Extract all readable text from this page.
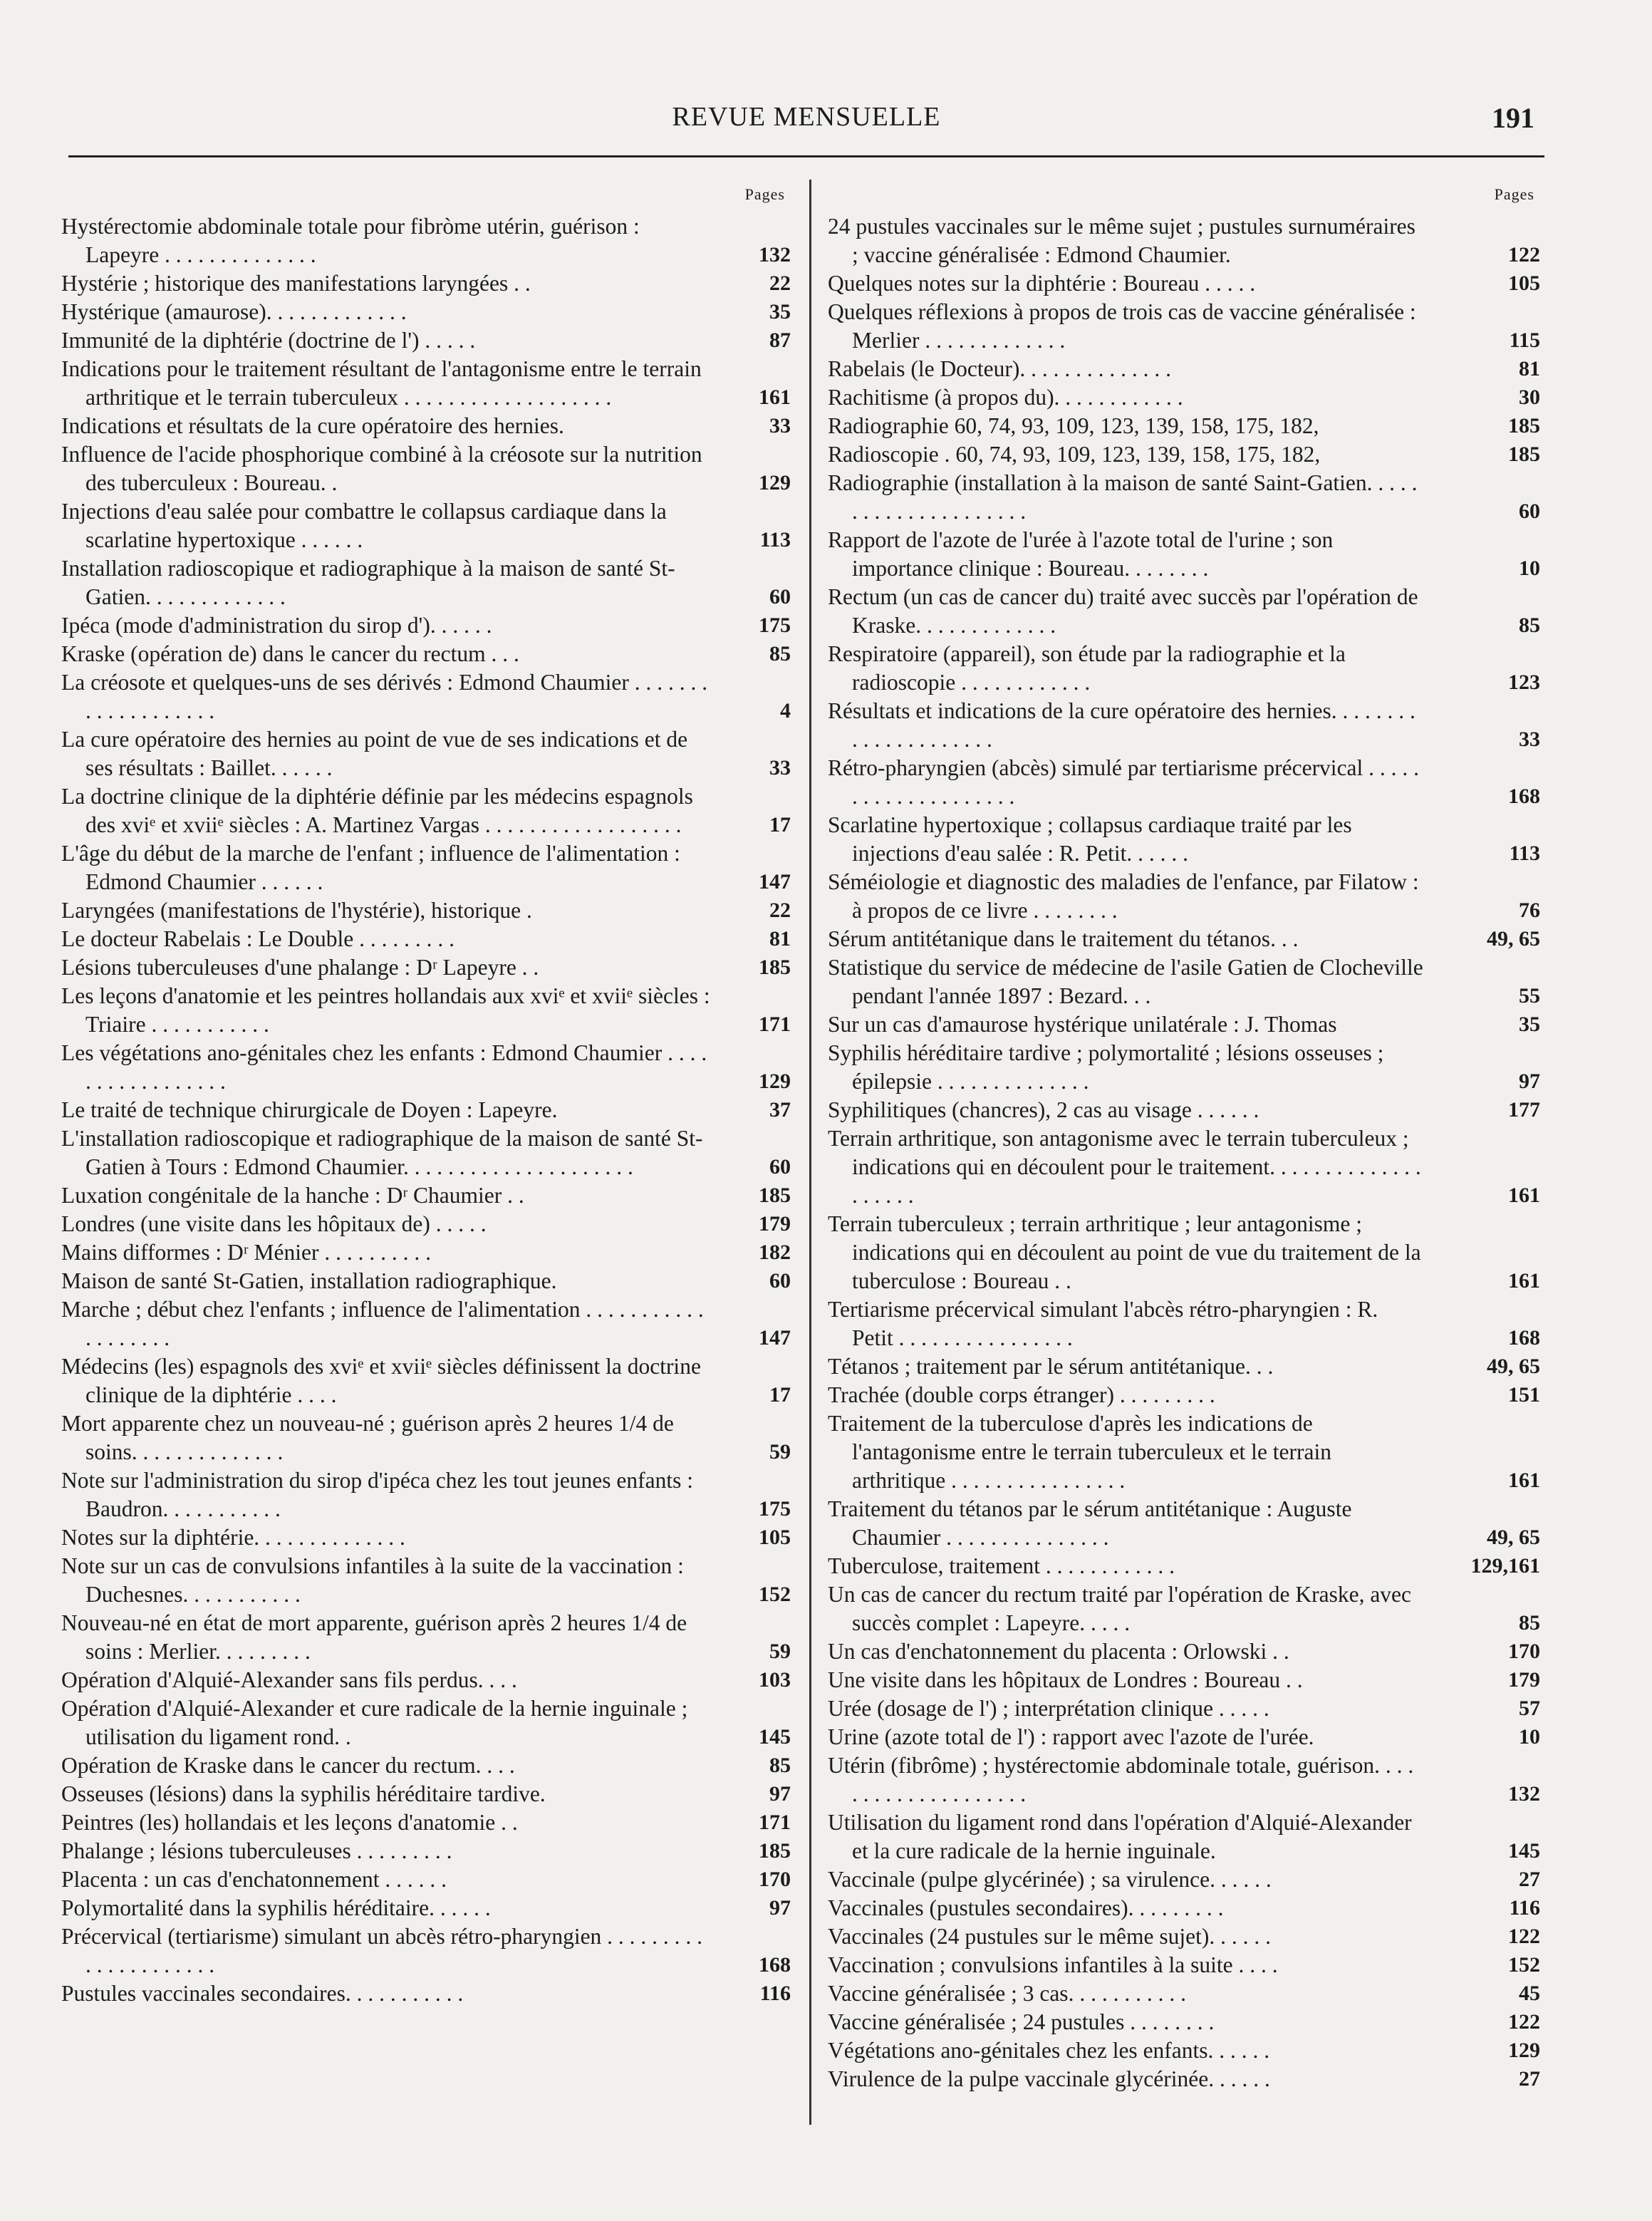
REVUE MENSUELLE	191
Pages
Hystérectomie abdominale totale pour fibròme utérin, guérison : Lapeyre . . . . . . . . . . . . . .	132
Hystérie ; historique des manifestations laryngées . .	22
Hystérique (amaurose). . . . . . . . . . . . .	35
Immunité de la diphtérie (doctrine de l') . . . . .	87
Indications pour le traitement résultant de l'antagonisme entre le terrain arthritique et le terrain tuberculeux . . . . . . . . . . . . . . . . . . .	161
Indications et résultats de la cure opératoire des hernies.	33
Influence de l'acide phosphorique combiné à la créosote sur la nutrition des tuberculeux : Boureau. .	129
Injections d'eau salée pour combattre le collapsus cardiaque dans la scarlatine hypertoxique . . . . . .	113
Installation radioscopique et radiographique à la maison de santé St-Gatien. . . . . . . . . . . . .	60
Ipéca (mode d'administration du sirop d'). . . . . .	175
Kraske (opération de) dans le cancer du rectum . . .	85
La créosote et quelques-uns de ses dérivés : Edmond Chaumier . . . . . . . . . . . . . . . . . . .	4
La cure opératoire des hernies au point de vue de ses indications et de ses résultats : Baillet. . . . . .	33
La doctrine clinique de la diphtérie définie par les médecins espagnols des xviᵉ et xviiᵉ siècles : A. Martinez Vargas . . . . . . . . . . . . . . . . . .	17
L'âge du début de la marche de l'enfant ; influence de l'alimentation : Edmond Chaumier . . . . . .	147
Laryngées (manifestations de l'hystérie), historique .	22
Le docteur Rabelais : Le Double . . . . . . . . .	81
Lésions tuberculeuses d'une phalange : Dʳ Lapeyre . .	185
Les leçons d'anatomie et les peintres hollandais aux xviᵉ et xviiᵉ siècles : Triaire . . . . . . . . . . .	171
Les végétations ano-génitales chez les enfants : Edmond Chaumier . . . . . . . . . . . . . . . . .	129
Le traité de technique chirurgicale de Doyen : Lapeyre.	37
L'installation radioscopique et radiographique de la maison de santé St-Gatien à Tours : Edmond Chaumier. . . . . . . . . . . . . . . . . . . . .	60
Luxation congénitale de la hanche : Dʳ Chaumier . .	185
Londres (une visite dans les hôpitaux de) . . . . .	179
Mains difformes : Dʳ Ménier . . . . . . . . . .	182
Maison de santé St-Gatien, installation radiographique.	60
Marche ; début chez l'enfants ; influence de l'alimentation . . . . . . . . . . . . . . . . . . .	147
Médecins (les) espagnols des xviᵉ et xviiᵉ siècles définissent la doctrine clinique de la diphtérie . . . .	17
Mort apparente chez un nouveau-né ; guérison après 2 heures 1/4 de soins. . . . . . . . . . . . . .	59
Note sur l'administration du sirop d'ipéca chez les tout jeunes enfants : Baudron. . . . . . . . . . .	175
Notes sur la diphtérie. . . . . . . . . . . . . .	105
Note sur un cas de convulsions infantiles à la suite de la vaccination : Duchesnes. . . . . . . . . . .	152
Nouveau-né en état de mort apparente, guérison après 2 heures 1/4 de soins : Merlier. . . . . . . . .	59
Opération d'Alquié-Alexander sans fils perdus. . . .	103
Opération d'Alquié-Alexander et cure radicale de la hernie inguinale ; utilisation du ligament rond. .	145
Opération de Kraske dans le cancer du rectum. . . .	85
Osseuses (lésions) dans la syphilis héréditaire tardive.	97
Peintres (les) hollandais et les leçons d'anatomie . .	171
Phalange ; lésions tuberculeuses . . . . . . . . .	185
Placenta : un cas d'enchatonnement . . . . . .	170
Polymortalité dans la syphilis héréditaire. . . . . .	97
Précervical (tertiarisme) simulant un abcès rétro-pharyngien . . . . . . . . . . . . . . . . . . . . .	168
Pustules vaccinales secondaires. . . . . . . . . . .	116
Pages
24 pustules vaccinales sur le même sujet ; pustules surnuméraires ; vaccine généralisée : Edmond Chaumier.	122
Quelques notes sur la diphtérie : Boureau . . . . .	105
Quelques réflexions à propos de trois cas de vaccine généralisée : Merlier . . . . . . . . . . . . .	115
Rabelais (le Docteur). . . . . . . . . . . . . .	81
Rachitisme (à propos du). . . . . . . . . . . .	30
Radiographie 60, 74, 93, 109, 123, 139, 158, 175, 182,	185
Radioscopie . 60, 74, 93, 109, 123, 139, 158, 175, 182,	185
Radiographie (installation à la maison de santé Saint-Gatien. . . . . . . . . . . . . . . . . . . . .	60
Rapport de l'azote de l'urée à l'azote total de l'urine ; son importance clinique : Boureau. . . . . . . .	10
Rectum (un cas de cancer du) traité avec succès par l'opération de Kraske. . . . . . . . . . . . .	85
Respiratoire (appareil), son étude par la radiographie et la radioscopie . . . . . . . . . . . .	123
Résultats et indications de la cure opératoire des hernies. . . . . . . . . . . . . . . . . . . . .	33
Rétro-pharyngien (abcès) simulé par tertiarisme précervical . . . . . . . . . . . . . . . . . . . .	168
Scarlatine hypertoxique ; collapsus cardiaque traité par les injections d'eau salée : R. Petit. . . . . .	113
Séméiologie et diagnostic des maladies de l'enfance, par Filatow : à propos de ce livre . . . . . . . .	76
Sérum antitétanique dans le traitement du tétanos. . .	49, 65
Statistique du service de médecine de l'asile Gatien de Clocheville pendant l'année 1897 : Bezard. . .	55
Sur un cas d'amaurose hystérique unilatérale : J. Thomas	35
Syphilis héréditaire tardive ; polymortalité ; lésions osseuses ; épilepsie . . . . . . . . . . . . . .	97
Syphilitiques (chancres), 2 cas au visage . . . . . .	177
Terrain arthritique, son antagonisme avec le terrain tuberculeux ; indications qui en découlent pour le traitement. . . . . . . . . . . . . . . . . . . .	161
Terrain tuberculeux ; terrain arthritique ; leur antagonisme ; indications qui en découlent au point de vue du traitement de la tuberculose : Boureau . .	161
Tertiarisme précervical simulant l'abcès rétro-pharyngien : R. Petit . . . . . . . . . . . . . . . .	168
Tétanos ; traitement par le sérum antitétanique. . .	49, 65
Trachée (double corps étranger) . . . . . . . . .	151
Traitement de la tuberculose d'après les indications de l'antagonisme entre le terrain tuberculeux et le terrain arthritique . . . . . . . . . . . . . . . .	161
Traitement du tétanos par le sérum antitétanique : Auguste Chaumier . . . . . . . . . . . . . . .	49, 65
Tuberculose, traitement . . . . . . . . . . . .	129,161
Un cas de cancer du rectum traité par l'opération de Kraske, avec succès complet : Lapeyre. . . . .	85
Un cas d'enchatonnement du placenta : Orlowski . .	170
Une visite dans les hôpitaux de Londres : Boureau . .	179
Urée (dosage de l') ; interprétation clinique . . . . .	57
Urine (azote total de l') : rapport avec l'azote de l'urée.	10
Utérin (fibrôme) ; hystérectomie abdominale totale, guérison. . . . . . . . . . . . . . . . . . . .	132
Utilisation du ligament rond dans l'opération d'Alquié-Alexander et la cure radicale de la hernie inguinale.	145
Vaccinale (pulpe glycérinée) ; sa virulence. . . . . .	27
Vaccinales (pustules secondaires). . . . . . . . .	116
Vaccinales (24 pustules sur le même sujet). . . . . .	122
Vaccination ; convulsions infantiles à la suite . . . .	152
Vaccine généralisée ; 3 cas. . . . . . . . . . .	45
Vaccine généralisée ; 24 pustules . . . . . . . .	122
Végétations ano-génitales chez les enfants. . . . . .	129
Virulence de la pulpe vaccinale glycérinée. . . . . .	27
